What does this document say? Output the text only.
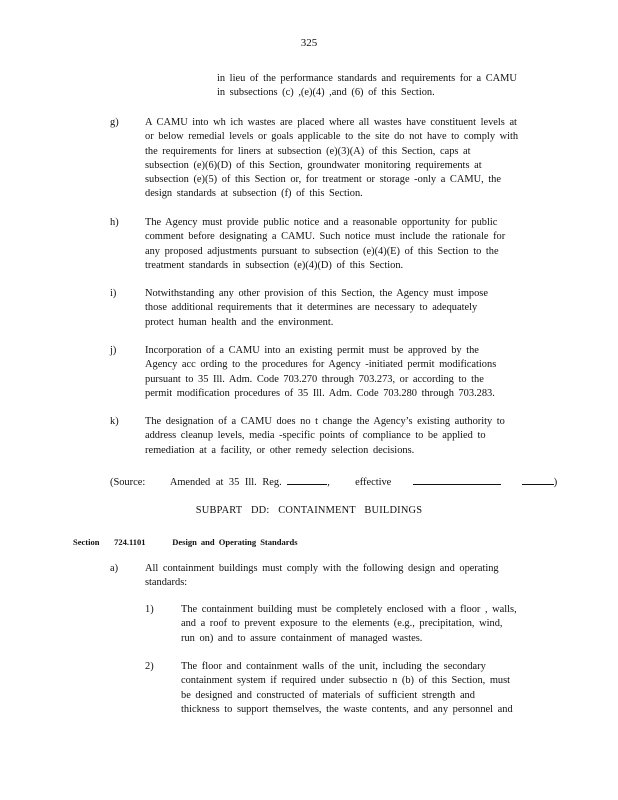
325
in lieu of the performance standards and requirements for a CAMU
in subsections (c) ,(e)(4) ,and (6) of this Section.
g)	A CAMU into wh ich wastes are placed where all wastes have constituent levels at
or below remedial levels or goals applicable to the site do not have to comply with
the requirements for liners at subsection (e)(3)(A) of this Section, caps at
subsection (e)(6)(D) of this Section, groundwater monitoring requirements at
subsection (e)(5) of this Section or, for treatment or storage -only a CAMU, the
design standards at subsection (f) of this Section.
h)	The Agency must provide public notice and a reasonable opportunity for public
comment before designating a CAMU. Such notice must include the rationale for
any proposed adjustments pursuant to subsection (e)(4)(E) of this Section to the
treatment standards in subsection (e)(4)(D) of this Section.
i)	Notwithstanding any other provision of this Section, the Agency must impose
those additional requirements that it determines are necessary to adequately
protect human health and the environment.
j)	Incorporation of a CAMU into an existing permit must be approved by the
Agency acc ording to the procedures for Agency -initiated permit modifications
pursuant to 35 Ill. Adm. Code 703.270 through 703.273, or according to the
permit modification procedures of 35 Ill. Adm. Code 703.280 through 703.283.
k)	The designation of a CAMU does no t change the Agency’s existing authority to
address cleanup levels, media -specific points of compliance to be applied to
remediation at a facility, or other remedy selection decisions.
(Source: Amended at 35 Ill. Reg.	, effective	)
SUBPART DD: CONTAINMENT BUILDINGS
Section 724.1101	Design and Operating Standards
a)	All containment buildings must comply with the following design and operating
standards:
1)	The containment building must be completely enclosed with a floor , walls,
and a roof to prevent exposure to the elements (e.g., precipitation, wind,
run on) and to assure containment of managed wastes.
2)	The floor and containment walls of the unit, including the secondary
containment system if required under subsectio n (b) of this Section, must
be designed and constructed of materials of sufficient strength and
thickness to support themselves, the waste contents, and any personnel and
